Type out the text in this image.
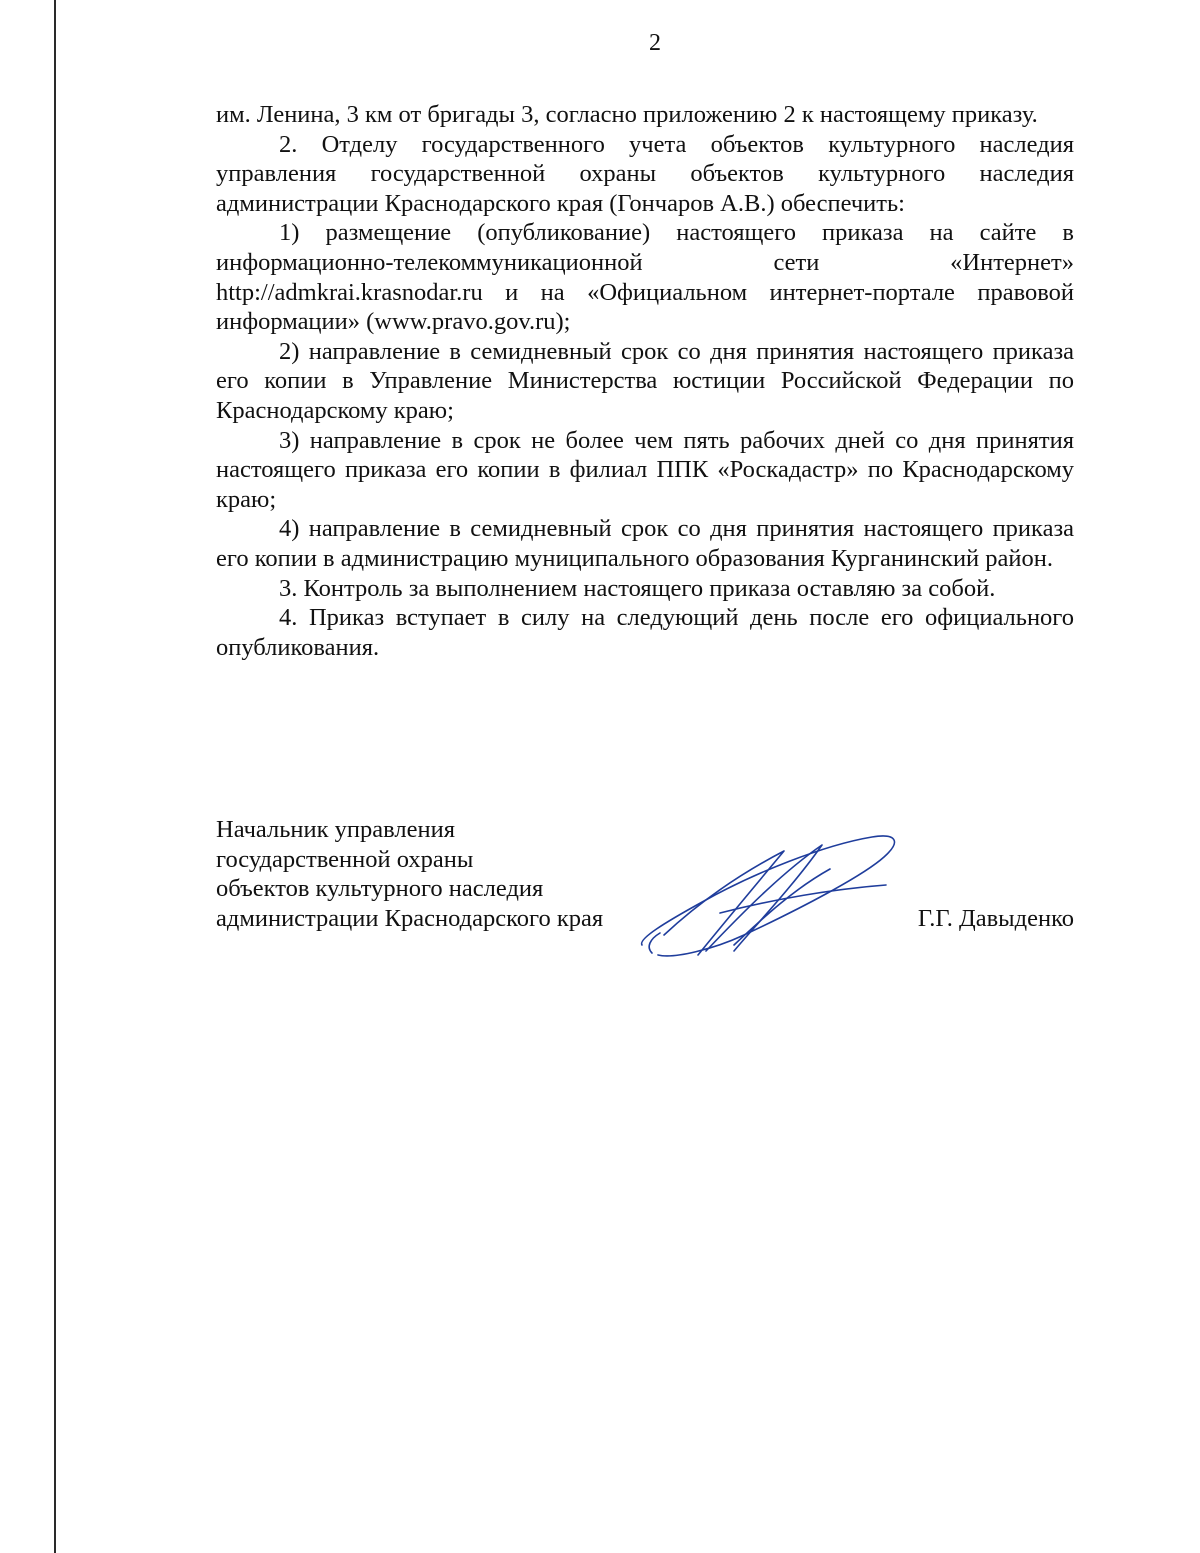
2

им. Ленина, 3 км от бригады 3, согласно приложению 2 к настоящему приказу.

2. Отделу государственного учета объектов культурного наследия управления государственной охраны объектов культурного наследия администрации Краснодарского края (Гончаров А.В.) обеспечить:

1) размещение (опубликование) настоящего приказа на сайте в информационно-телекоммуникационной сети «Интернет» http://admkrai.krasnodar.ru и на «Официальном интернет-портале правовой информации» (www.pravo.gov.ru);

2) направление в семидневный срок со дня принятия настоящего приказа его копии в Управление Министерства юстиции Российской Федерации по Краснодарскому краю;

3) направление в срок не более чем пять рабочих дней со дня принятия настоящего приказа его копии в филиал ППК «Роскадастр» по Краснодарскому краю;

4) направление в семидневный срок со дня принятия настоящего приказа его копии в администрацию муниципального образования Курганинский район.

3. Контроль за выполнением настоящего приказа оставляю за собой.

4. Приказ вступает в силу на следующий день после его официального опубликования.

Начальник управления
государственной охраны
объектов культурного наследия
администрации Краснодарского края	Г.Г. Давыденко
